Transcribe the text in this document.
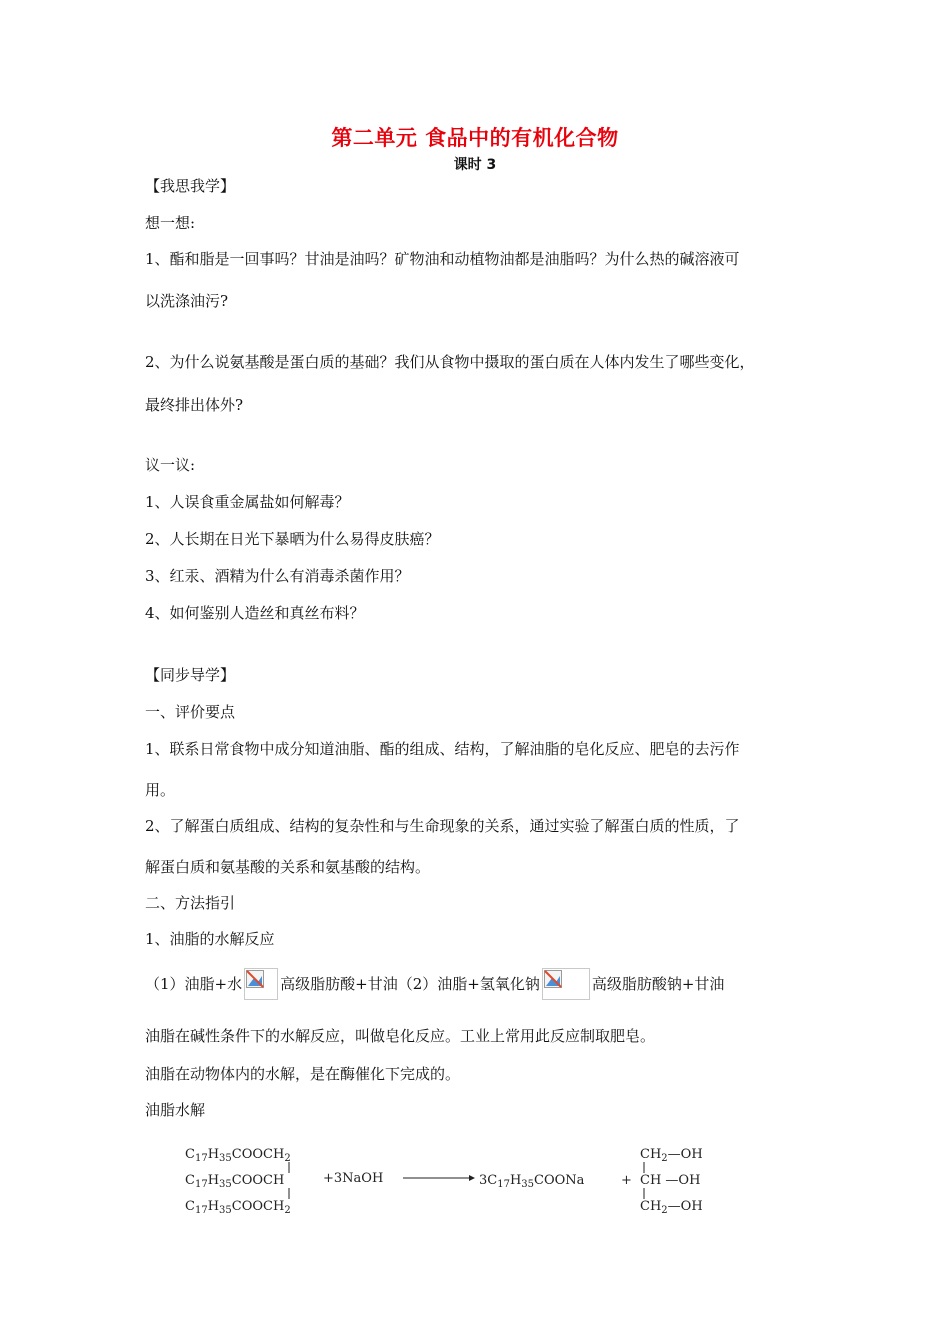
第二单元 食品中的有机化合物
课时 3
【我思我学】
想一想:
1、酯和脂是一回事吗？甘油是油吗？矿物油和动植物油都是油脂吗？为什么热的碱溶液可
以洗涤油污?
2、为什么说氨基酸是蛋白质的基础？我们从食物中摄取的蛋白质在人体内发生了哪些变化，
最终排出体外?
议一议:
1、人误食重金属盐如何解毒？
2、人长期在日光下暴晒为什么易得皮肤癌？
3、红汞、酒精为什么有消毒杀菌作用？
4、如何鉴别人造丝和真丝布料？
【同步导学】
一、评价要点
1、联系日常食物中成分知道油脂、酯的组成、结构，了解油脂的皂化反应、肥皂的去污作
用。
2、了解蛋白质组成、结构的复杂性和与生命现象的关系，通过实验了解蛋白质的性质，了
解蛋白质和氨基酸的关系和氨基酸的结构。
二、方法指引
1、油脂的水解反应
（1）油脂+水	高级脂肪酸+甘油 （2）油脂+氢氧化钠	高级脂肪酸钠+甘油
油脂在碱性条件下的水解反应，叫做皂化反应。工业上常用此反应制取肥皂。
油脂在动物体内的水解，是在酶催化下完成的。
油脂水解
$C_{17}H_{35}COOCH_2$
$C_{17}H_{35}COOCH$
$C_{17}H_{35}COOCH_2$
+3NaOH	$3C_{17}H_{35}COONa$	+
$CH_2—OH$
CH —OH
$CH_2—OH$
